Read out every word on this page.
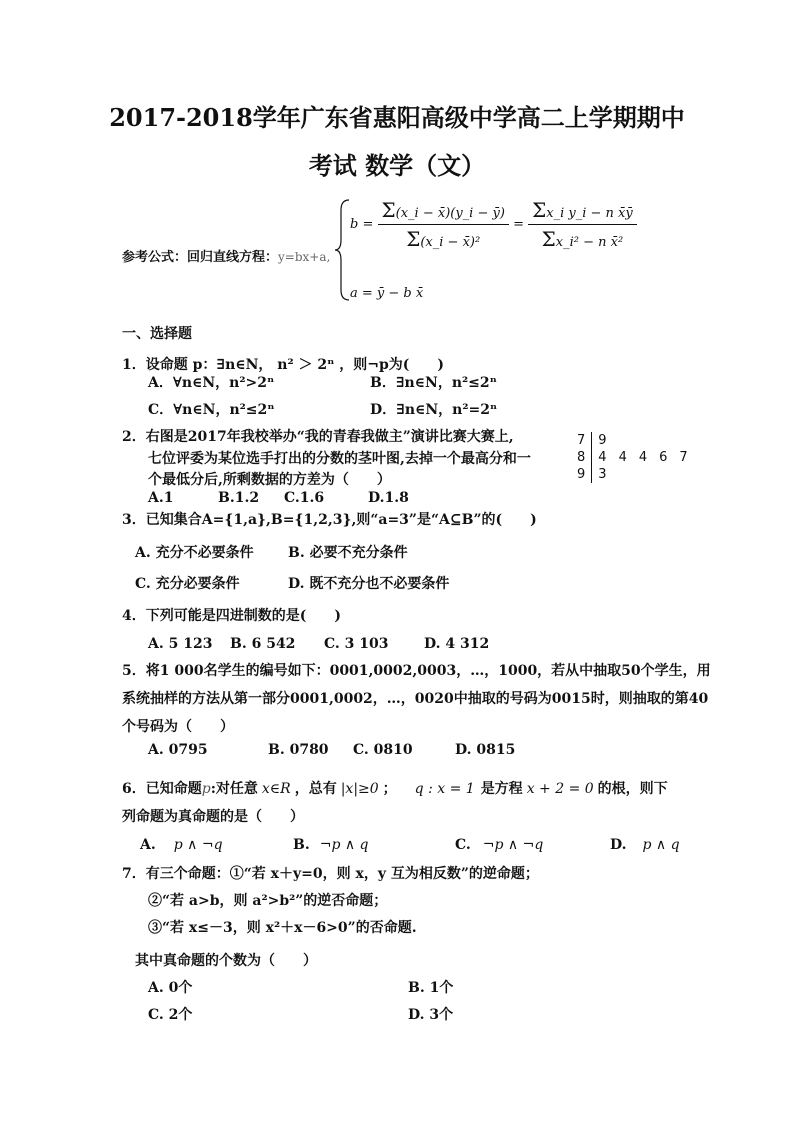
2017-2018学年广东省惠阳高级中学高二上学期期中
考试 数学（文）
参考公式：回归直线方程：y=bx+a,
$b = \frac{\Sigma(x\_i - x̄)(y\_i - ȳ)}{\text{Σ(x\_i − x̄)²}} = \frac{\text{Σx\_i y\_i − n x̄ȳ}}{\text{Σx\_i² − n x̄²}}$
a = ȳ − b x̄
一、选择题
1．设命题 p：∃n∈N， n² ＞ 2ⁿ ，则¬p为(　　)
A．∀n∈N，n²>2ⁿ	B．∃n∈N，n²≤2ⁿ
C．∀n∈N，n²≤2ⁿ	D．∃n∈N，n²=2ⁿ
2．右图是2017年我校举办“我的青春我做主”演讲比赛大赛上,
七位评委为某位选手打出的分数的茎叶图,去掉一个最高分和一
个最低分后,所剩数据的方差为（　　）
A.1	B.1.2 C.1.6	D.1.8
7	9				
8	4	4	4	6	7
9	3				
3．已知集合A={1,a},B={1,2,3},则“a=3”是“A⊆B”的(　　)
A. 充分不必要条件 B. 必要不充分条件
C. 充分必要条件	D. 既不充分也不必要条件
4．下列可能是四进制数的是(　　)
A. 5 123 B. 6 542 C. 3 103	D. 4 312
5．将1 000名学生的编号如下：0001,0002,0003，…，1000，若从中抽取50个学生，用
系统抽样的方法从第一部分0001,0002，…，0020中抽取的号码为0015时，则抽取的第40
个号码为（　　）
A. 0795	B. 0780 C. 0810	D. 0815
6．已知命题p:对任意 x∈R ，总有 |x|≥0 ； q : x = 1 是方程 x + 2 = 0 的根，则下
列命题为真命题的是（　　）
A. p ∧ ¬q	B. ¬p ∧ q	C. ¬p ∧ ¬q	D. p ∧ q
7．有三个命题：①“若 x＋y=0，则 x，y 互为相反数”的逆命题；
②“若 a>b，则 a²>b²”的逆否命题；
③“若 x≤－3，则 x²＋x－6>0”的否命题.
其中真命题的个数为（　　）
A. 0个	B. 1个
C. 2个	D. 3个
